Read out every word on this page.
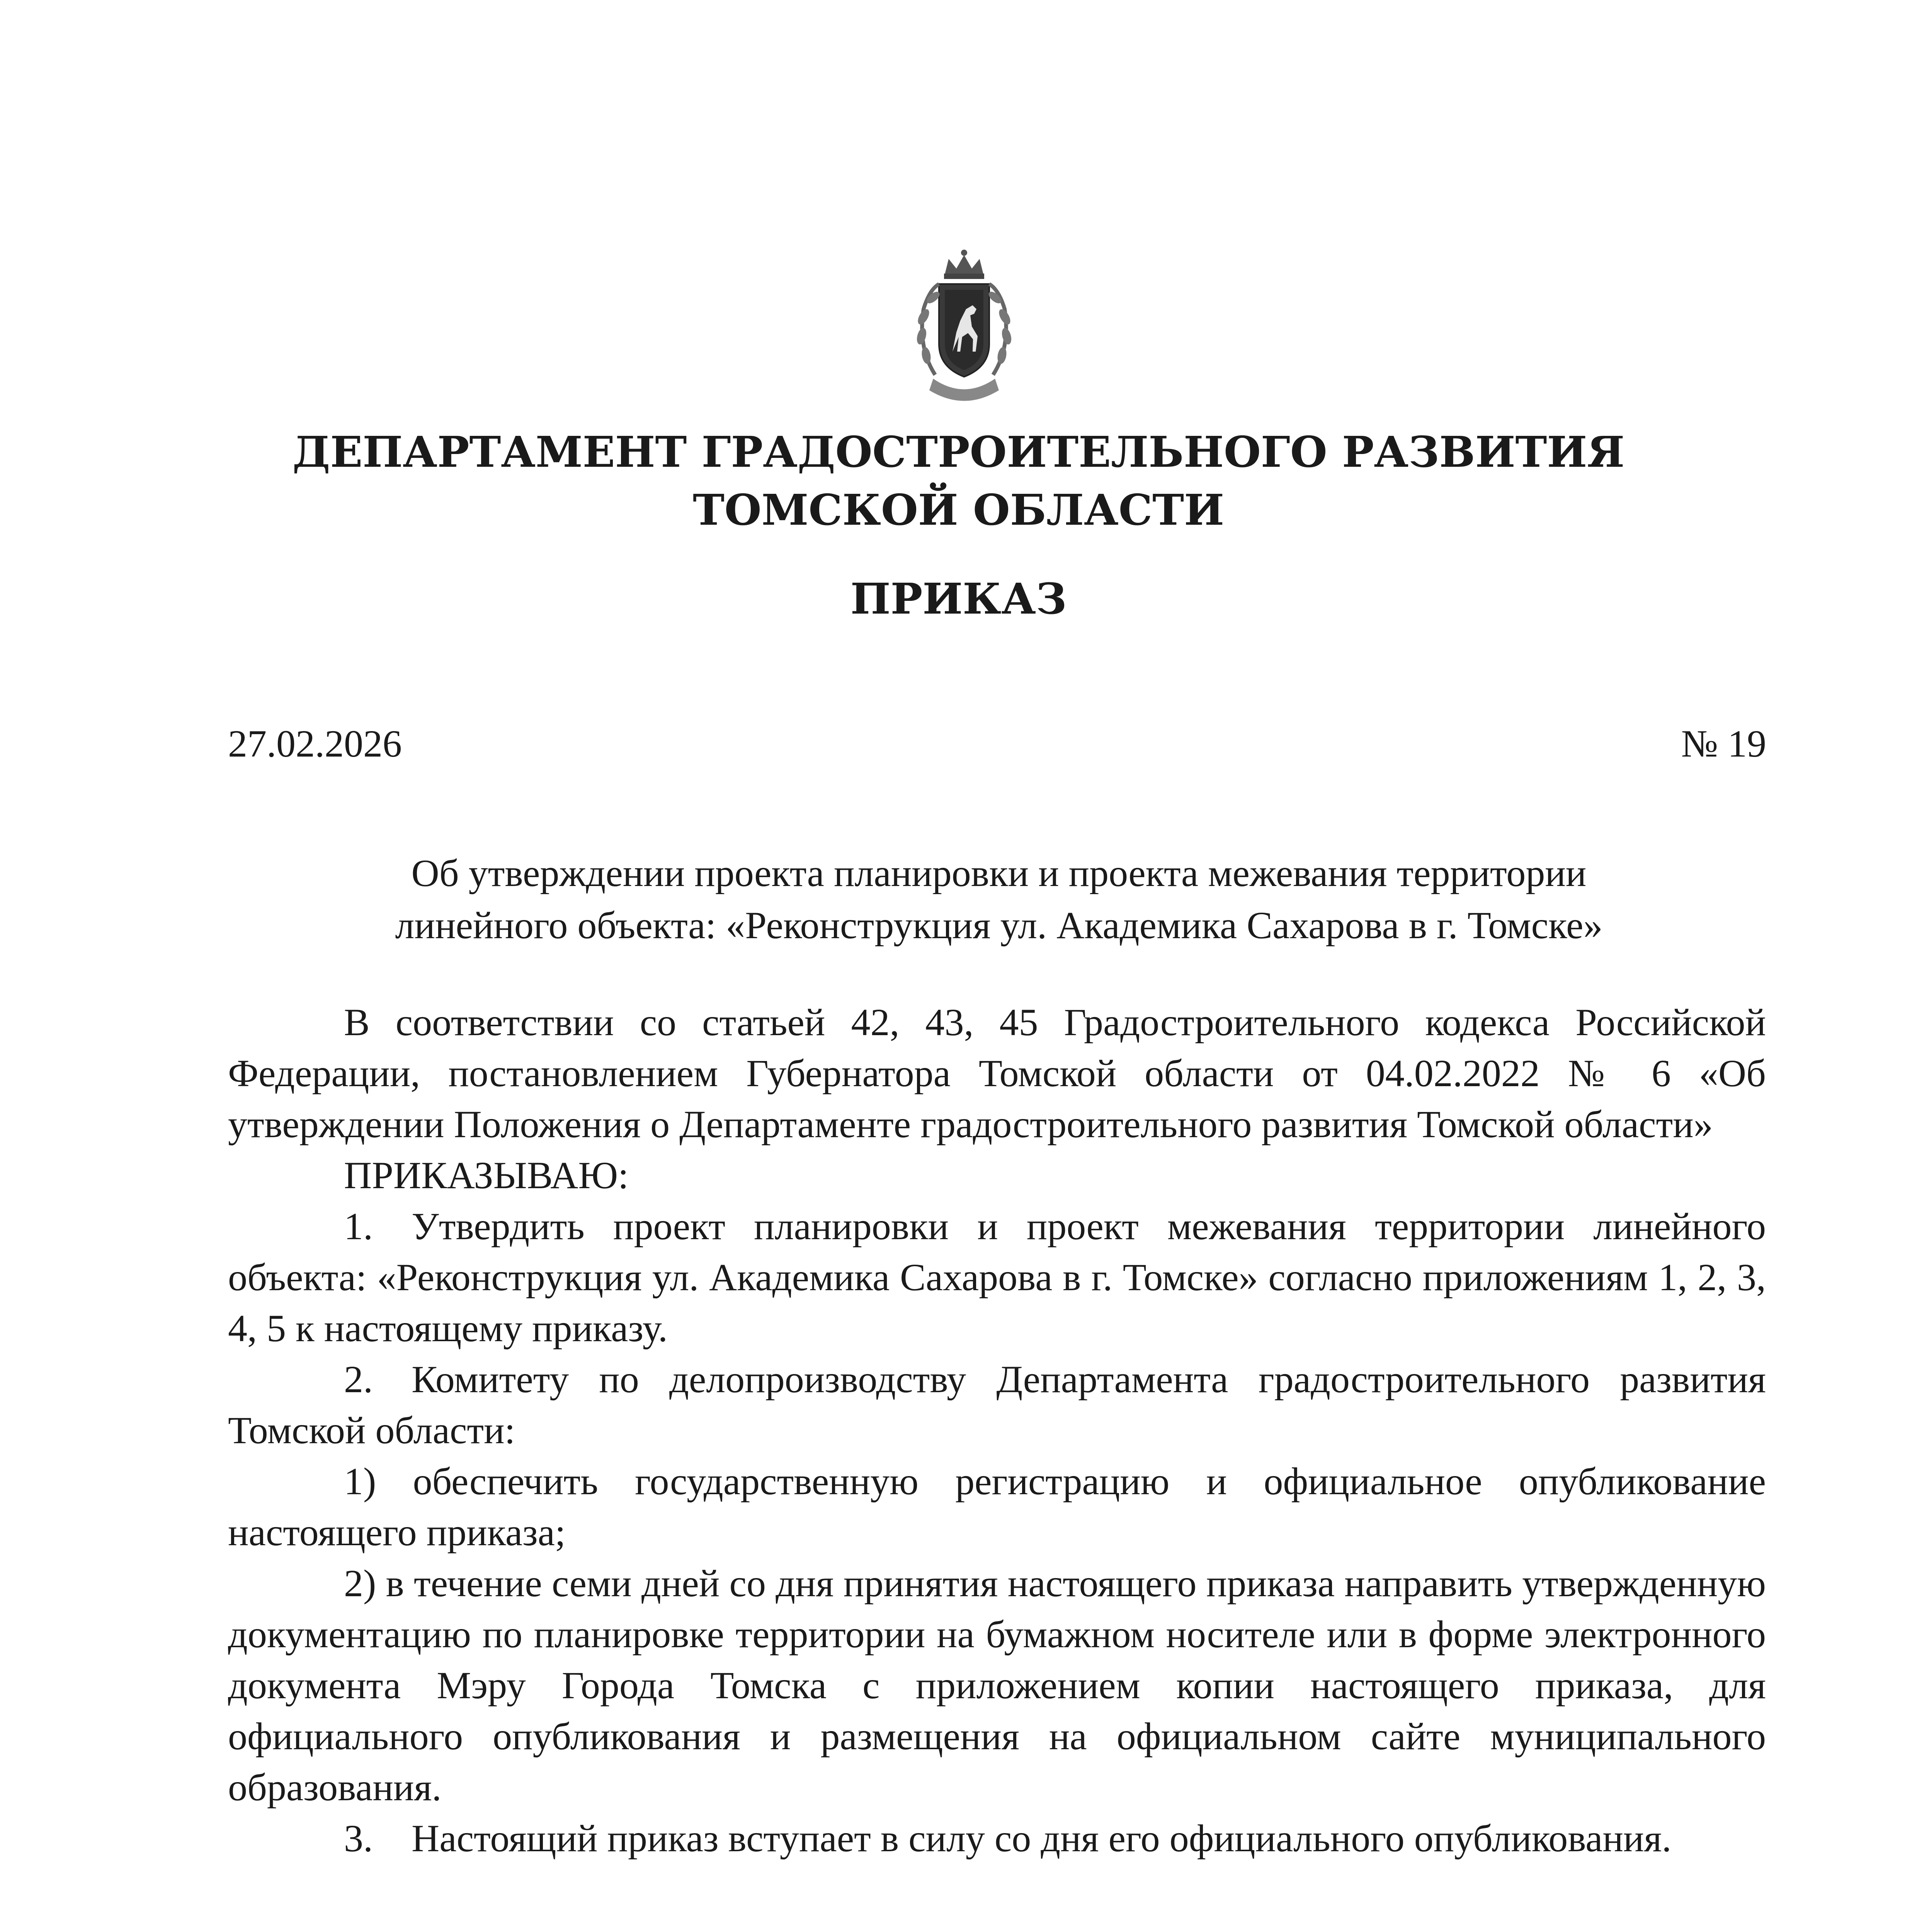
ДЕПАРТАМЕНТ ГРАДОСТРОИТЕЛЬНОГО РАЗВИТИЯ
ТОМСКОЙ ОБЛАСТИ
ПРИКАЗ
27.02.2026	№ 19
Об утверждении проекта планировки и проекта межевания территории
линейного объекта: «Реконструкция ул. Академика Сахарова в г. Томске»

В соответствии со статьей 42, 43, 45 Градостроительного кодекса Российской Федерации, постановлением Губернатора Томской области от 04.02.2022 № 6 «Об утверждении Положения о Департаменте градостроительного развития Томской области»

ПРИКАЗЫВАЮ:

1. Утвердить проект планировки и проект межевания территории линейного объекта: «Реконструкция ул. Академика Сахарова в г. Томске» согласно приложениям 1, 2, 3, 4, 5 к настоящему приказу.

2. Комитету по делопроизводству Департамента градостроительного развития Томской области:

1) обеспечить государственную регистрацию и официальное опубликование настоящего приказа;

2) в течение семи дней со дня принятия настоящего приказа направить утвержденную документацию по планировке территории на бумажном носителе или в форме электронного документа Мэру Города Томска с приложением копии настоящего приказа, для официального опубликования и размещения на официальном сайте муниципального образования.

3. Настоящий приказ вступает в силу со дня его официального опубликования.
